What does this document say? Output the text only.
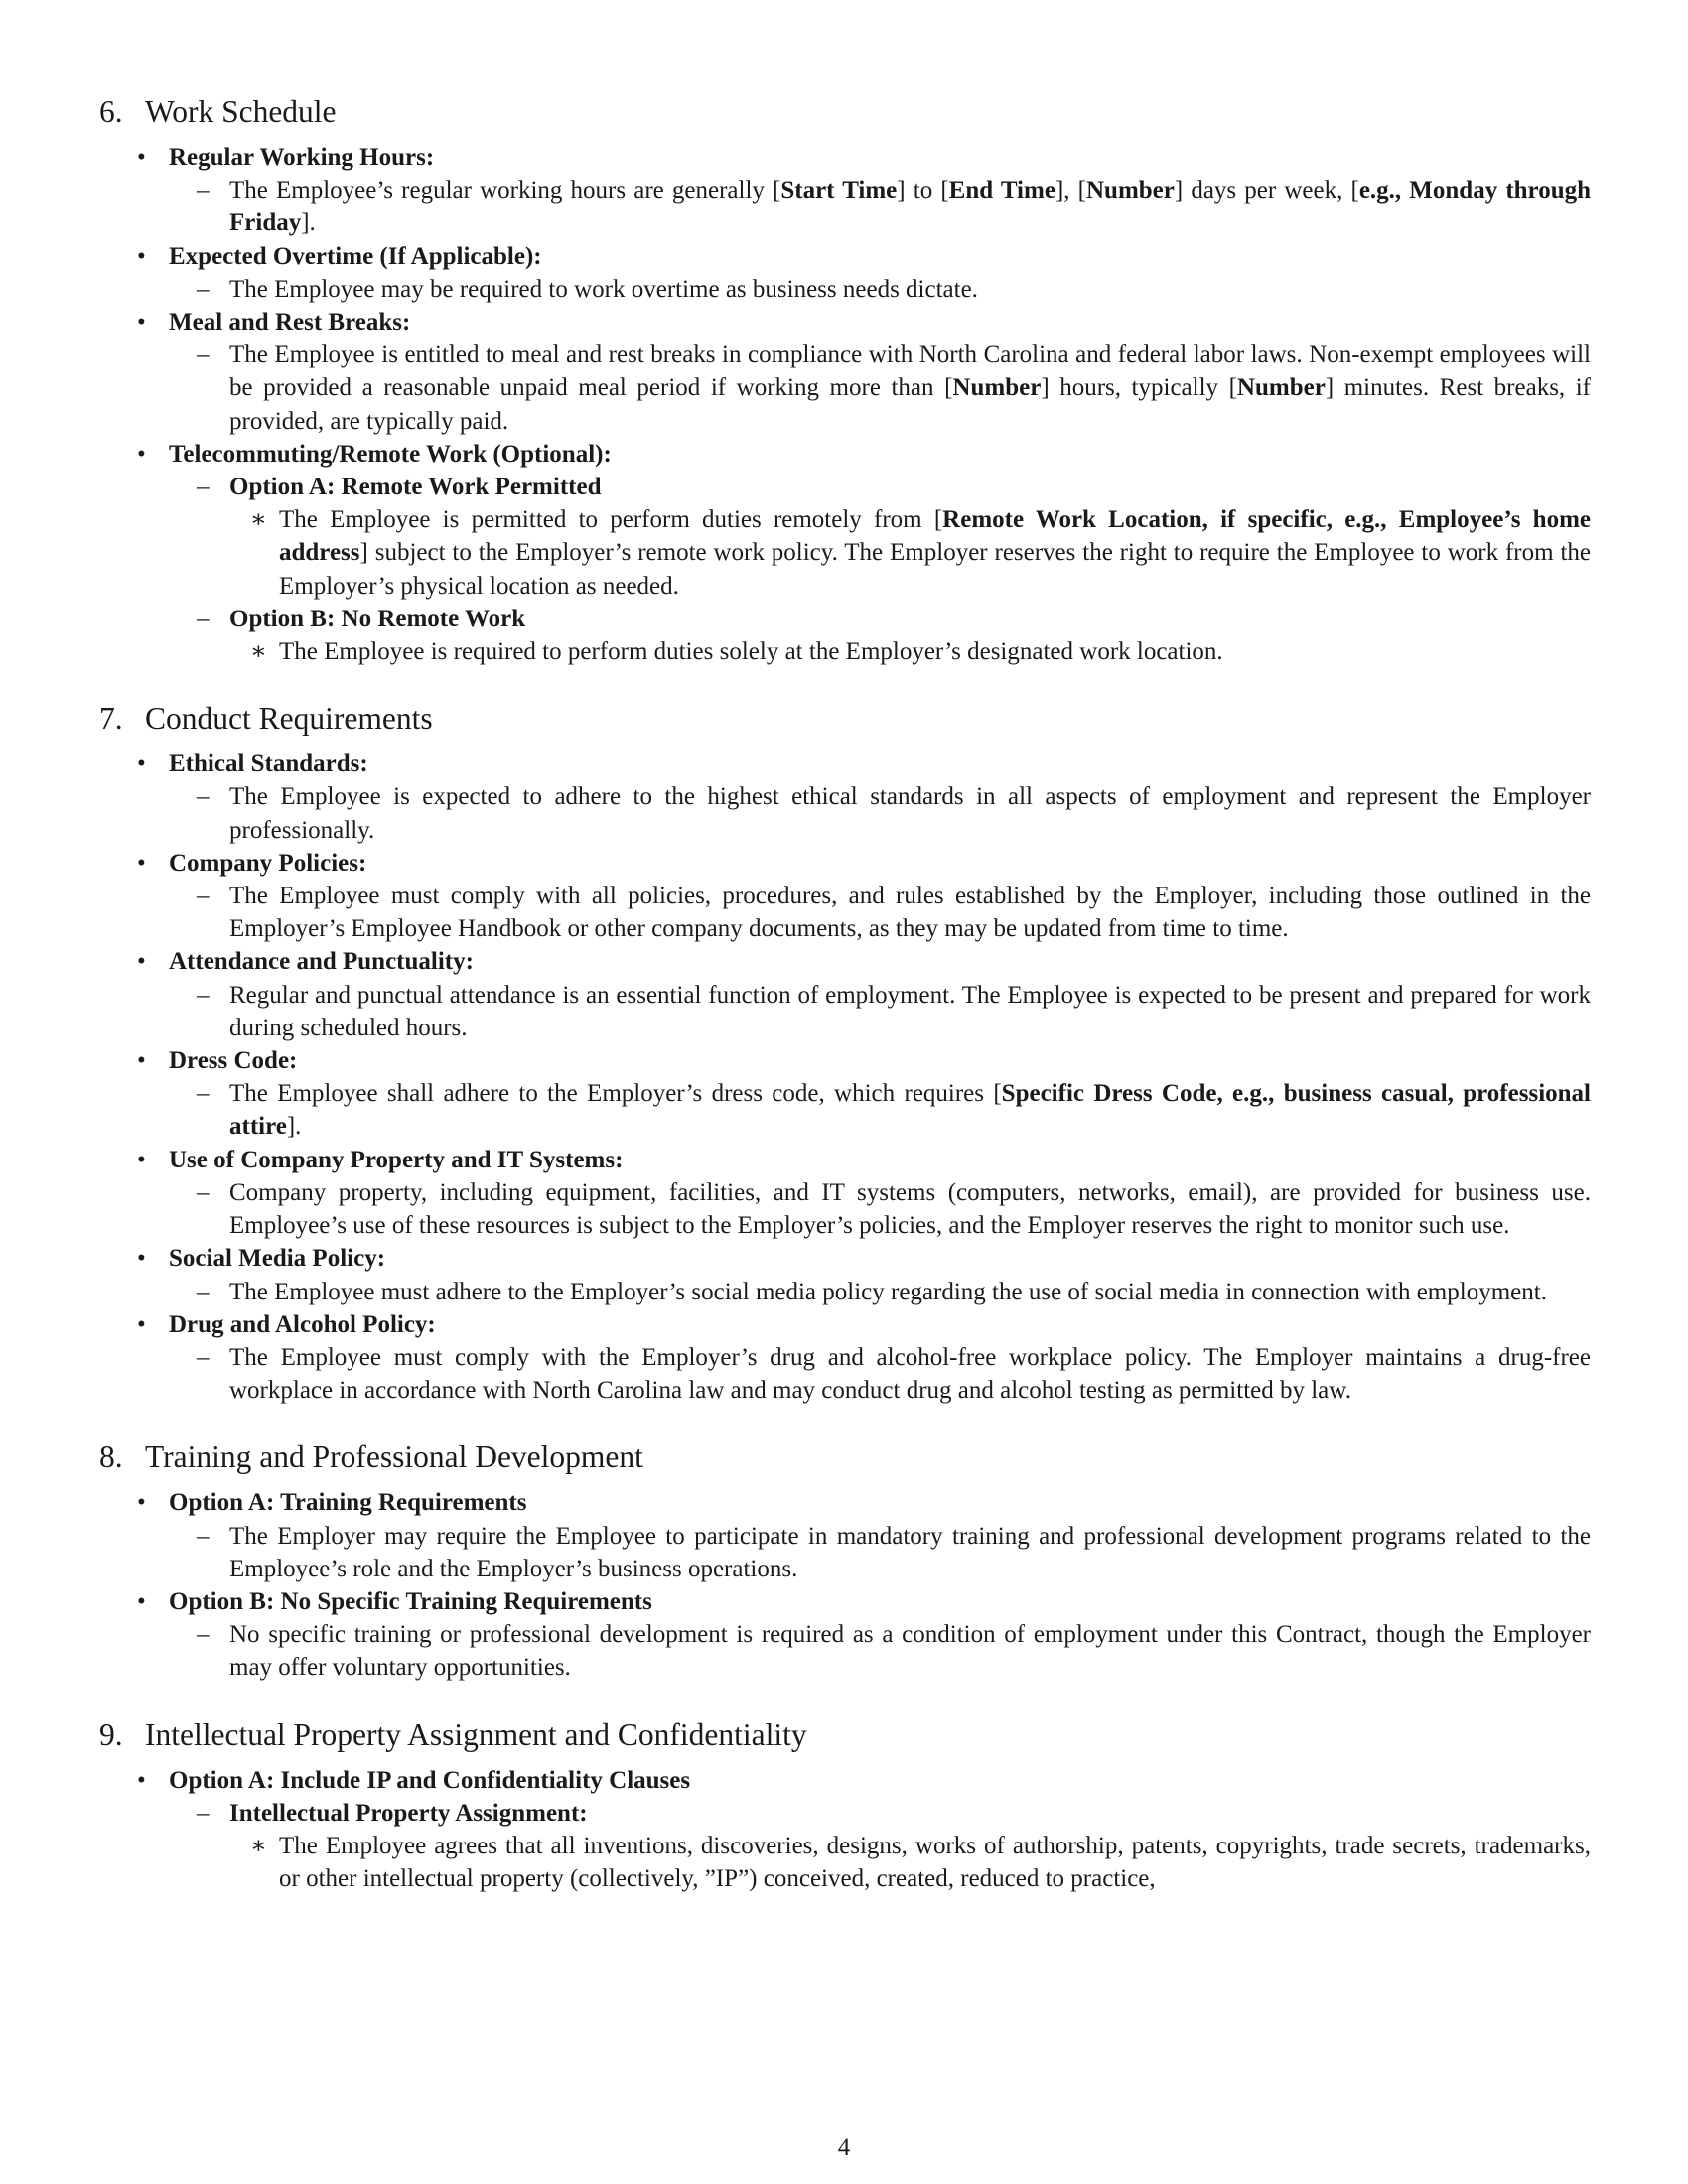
6. Work Schedule
• Regular Working Hours:
– The Employee’s regular working hours are generally [Start Time] to [End Time], [Number] days per week, [e.g., Monday through Friday].
• Expected Overtime (If Applicable):
– The Employee may be required to work overtime as business needs dictate.
• Meal and Rest Breaks:
– The Employee is entitled to meal and rest breaks in compliance with North Carolina and federal labor laws. Non-exempt employees will be provided a reasonable unpaid meal period if working more than [Number] hours, typically [Number] minutes. Rest breaks, if provided, are typically paid.
• Telecommuting/Remote Work (Optional):
– Option A: Remote Work Permitted
∗ The Employee is permitted to perform duties remotely from [Remote Work Location, if specific, e.g., Employee’s home address] subject to the Employer’s remote work policy. The Employer reserves the right to require the Employee to work from the Employer’s physical location as needed.
– Option B: No Remote Work
∗ The Employee is required to perform duties solely at the Employer’s designated work location.
7. Conduct Requirements
• Ethical Standards:
– The Employee is expected to adhere to the highest ethical standards in all aspects of employment and represent the Employer professionally.
• Company Policies:
– The Employee must comply with all policies, procedures, and rules established by the Employer, including those outlined in the Employer’s Employee Handbook or other company documents, as they may be updated from time to time.
• Attendance and Punctuality:
– Regular and punctual attendance is an essential function of employment. The Employee is expected to be present and prepared for work during scheduled hours.
• Dress Code:
– The Employee shall adhere to the Employer’s dress code, which requires [Specific Dress Code, e.g., business casual, professional attire].
• Use of Company Property and IT Systems:
– Company property, including equipment, facilities, and IT systems (computers, networks, email), are provided for business use. Employee’s use of these resources is subject to the Employer’s policies, and the Employer reserves the right to monitor such use.
• Social Media Policy:
– The Employee must adhere to the Employer’s social media policy regarding the use of social media in connection with employment.
• Drug and Alcohol Policy:
– The Employee must comply with the Employer’s drug and alcohol-free workplace policy. The Employer maintains a drug-free workplace in accordance with North Carolina law and may conduct drug and alcohol testing as permitted by law.
8. Training and Professional Development
• Option A: Training Requirements
– The Employer may require the Employee to participate in mandatory training and professional development programs related to the Employee’s role and the Employer’s business operations.
• Option B: No Specific Training Requirements
– No specific training or professional development is required as a condition of employment under this Contract, though the Employer may offer voluntary opportunities.
9. Intellectual Property Assignment and Confidentiality
• Option A: Include IP and Confidentiality Clauses
– Intellectual Property Assignment:
∗ The Employee agrees that all inventions, discoveries, designs, works of authorship, patents, copyrights, trade secrets, trademarks, or other intellectual property (collectively, ”IP”) conceived, created, reduced to practice,
4
